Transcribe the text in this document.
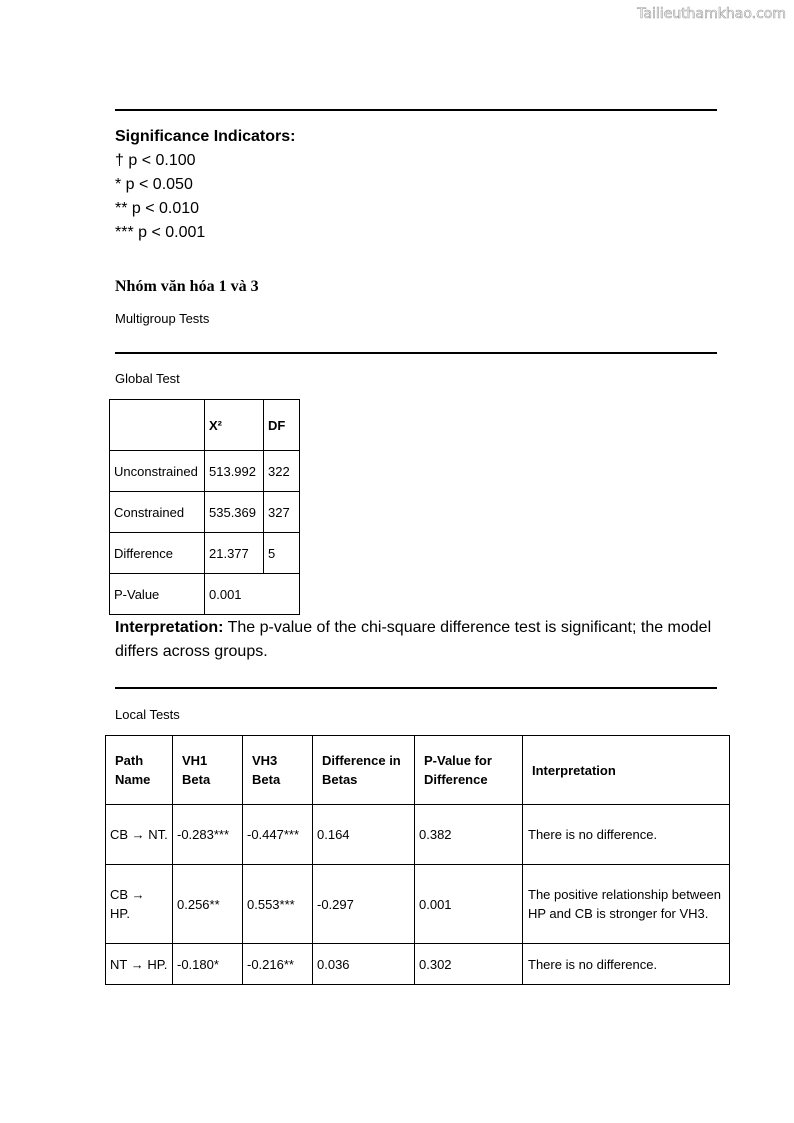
Tailieuthamkhao.com
Significance Indicators:
† p < 0.100
* p < 0.050
** p < 0.010
*** p < 0.001
Nhóm văn hóa 1 và 3
Multigroup Tests
Global Test
	X²	DF
Unconstrained	513.992	322
Constrained	535.369	327
Difference	21.377	5
P-Value	0.001	
Interpretation: The p-value of the chi-square difference test is significant; the model differs across groups.
Local Tests
Path Name	VH1 Beta	VH3 Beta	Difference in Betas	P-Value for Difference	Interpretation
CB → NT.	-0.283***	-0.447***	0.164	0.382	There is no difference.
CB → HP.	0.256**	0.553***	-0.297	0.001	The positive relationship between HP and CB is stronger for VH3.
NT → HP.	-0.180*	-0.216**	0.036	0.302	There is no difference.
